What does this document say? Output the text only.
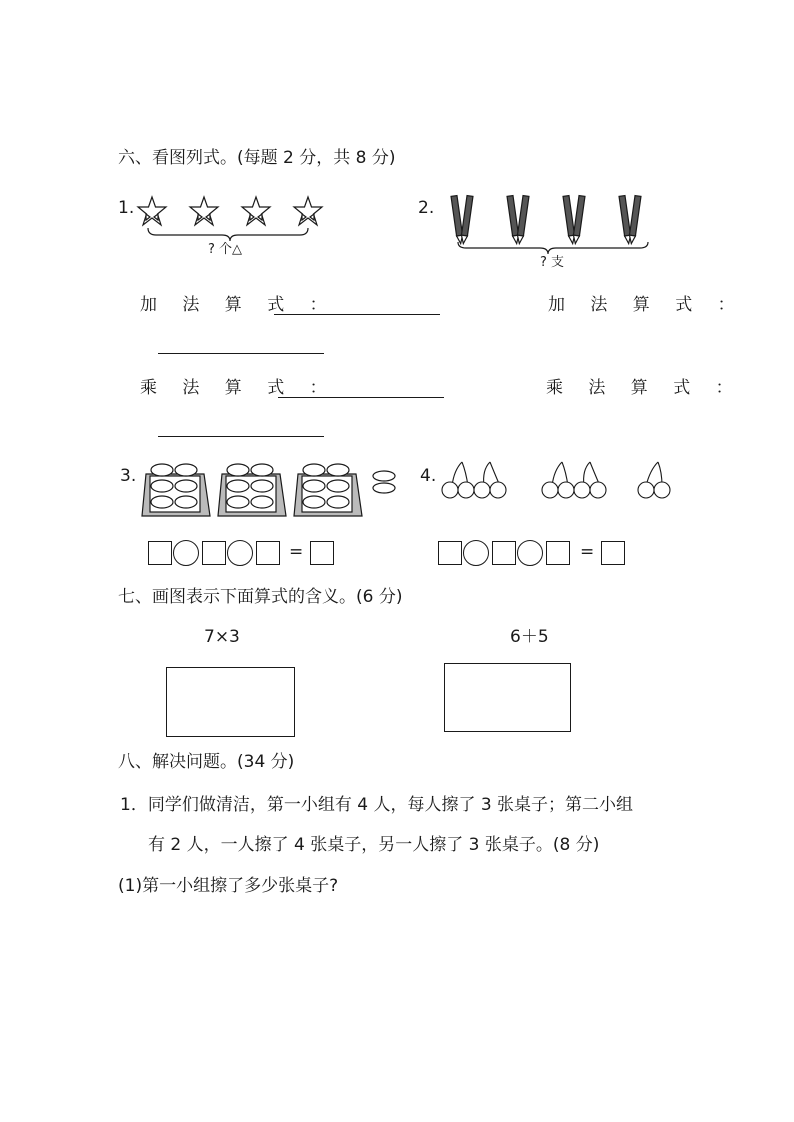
六、看图列式。(每题 2 分，共 8 分)
1.
? 个△
2.
? 支
加 法 算 式 ：	加 法 算 式 ：
乘 法 算 式 ：	乘 法 算 式 ：
3.	4.
=	=
七、画图表示下面算式的含义。(6 分)
7×3	6＋5
八、解决问题。(34 分)
1．同学们做清洁，第一小组有 4 人，每人擦了 3 张桌子；第二小组
有 2 人，一人擦了 4 张桌子，另一人擦了 3 张桌子。(8 分)
(1)第一小组擦了多少张桌子?
